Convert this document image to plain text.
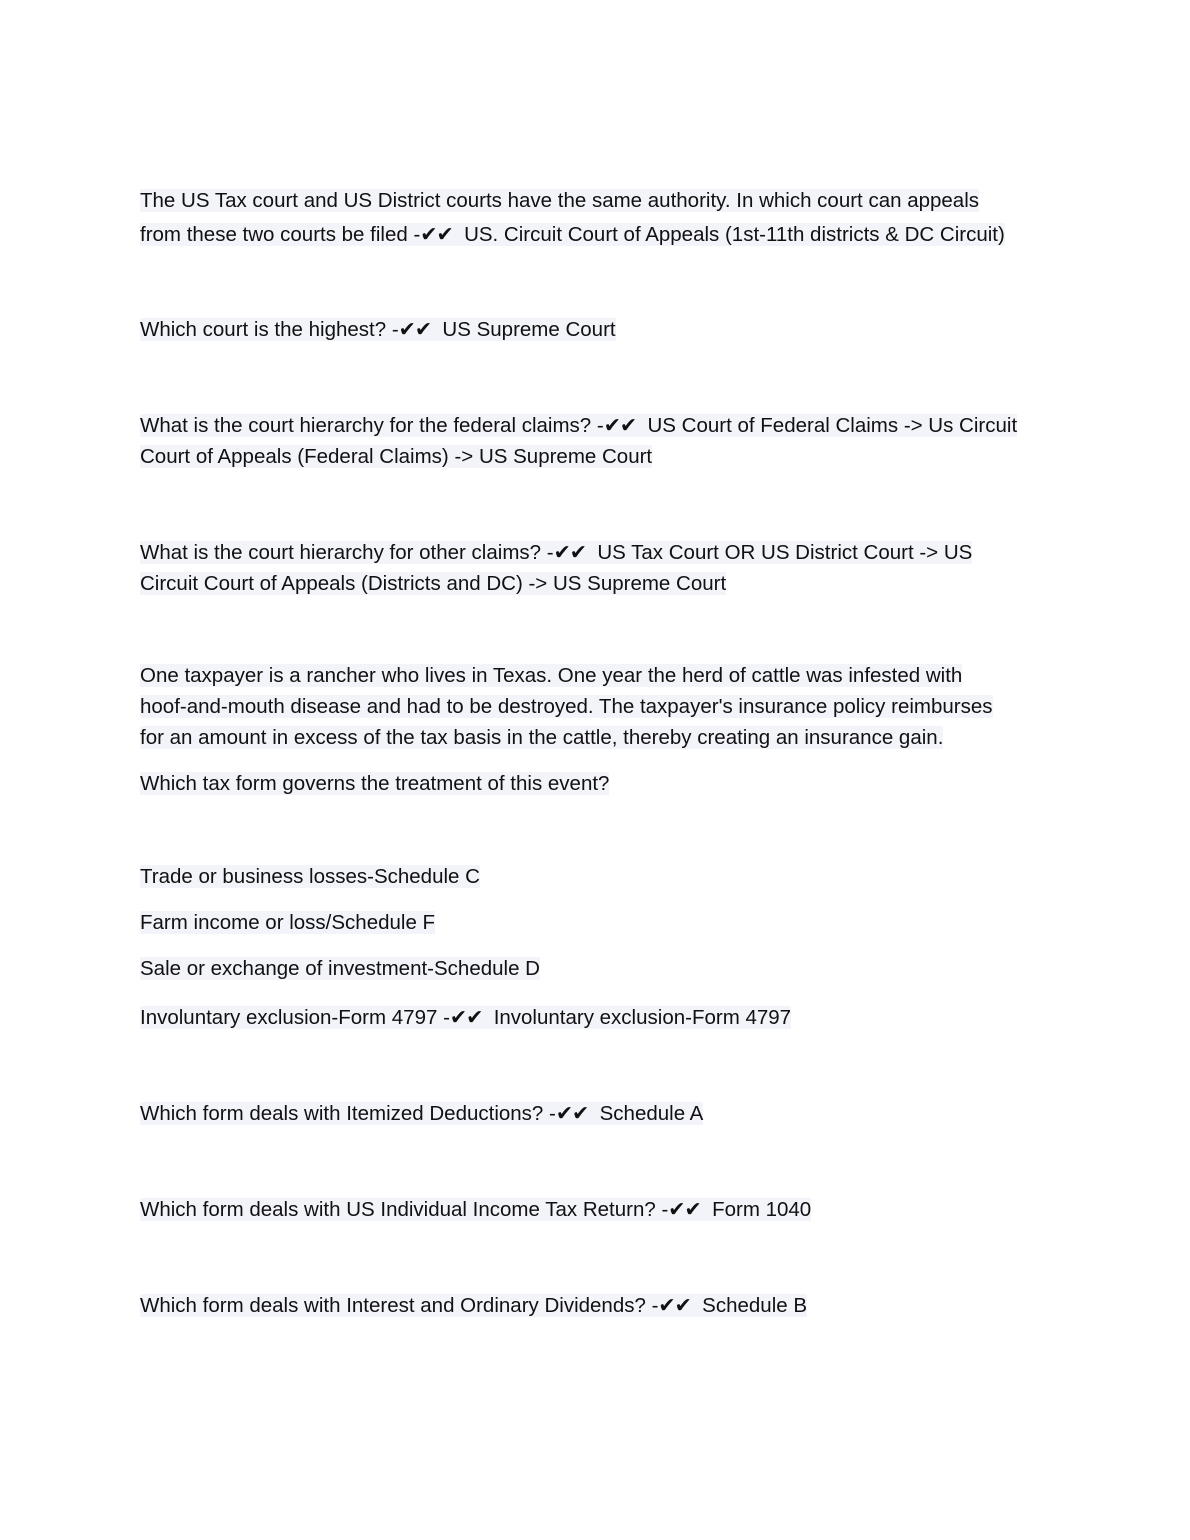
The US Tax court and US District courts have the same authority. In which court can appeals
from these two courts be filed -✔✔ US. Circuit Court of Appeals (1st-11th districts & DC Circuit)
Which court is the highest? -✔✔ US Supreme Court
What is the court hierarchy for the federal claims? -✔✔ US Court of Federal Claims -> Us Circuit
Court of Appeals (Federal Claims) -> US Supreme Court
What is the court hierarchy for other claims? -✔✔ US Tax Court OR US District Court -> US
Circuit Court of Appeals (Districts and DC) -> US Supreme Court
One taxpayer is a rancher who lives in Texas. One year the herd of cattle was infested with
hoof-and-mouth disease and had to be destroyed. The taxpayer's insurance policy reimburses
for an amount in excess of the tax basis in the cattle, thereby creating an insurance gain.
Which tax form governs the treatment of this event?
Trade or business losses-Schedule C
Farm income or loss/Schedule F
Sale or exchange of investment-Schedule D
Involuntary exclusion-Form 4797 -✔✔ Involuntary exclusion-Form 4797
Which form deals with Itemized Deductions? -✔✔ Schedule A
Which form deals with US Individual Income Tax Return? -✔✔ Form 1040
Which form deals with Interest and Ordinary Dividends? -✔✔ Schedule B
